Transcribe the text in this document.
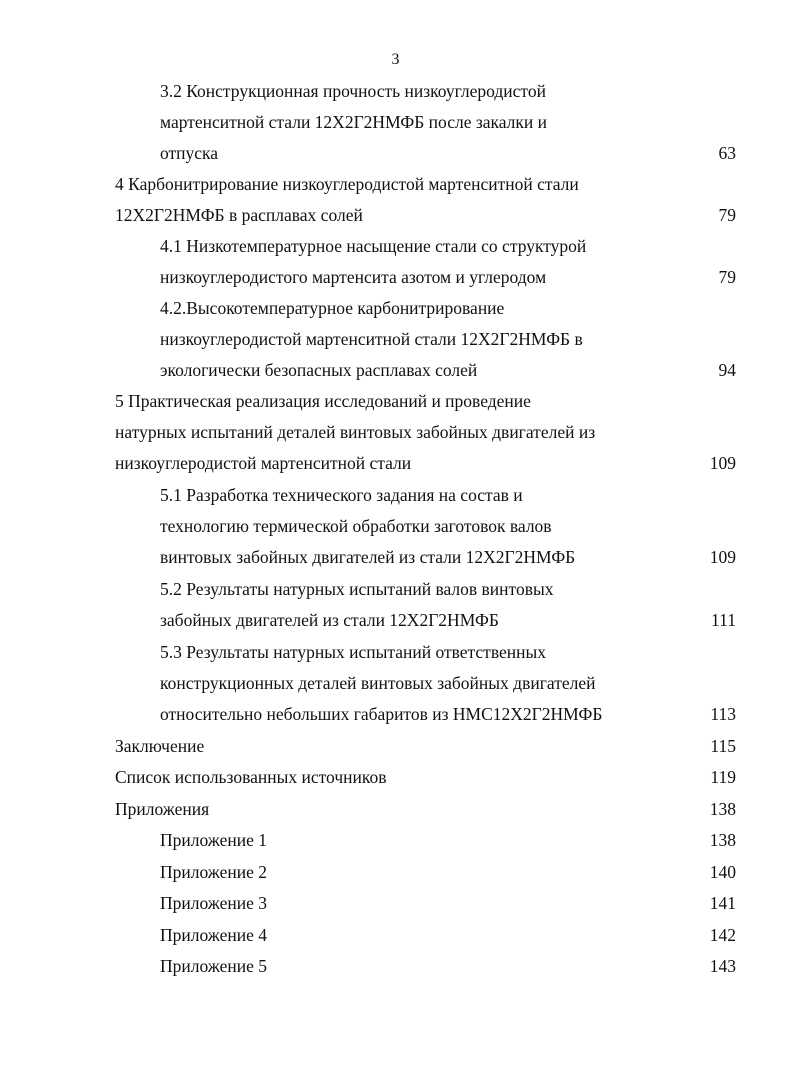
3
3.2 Конструкционная прочность низкоуглеродистой
мартенситной стали 12Х2Г2НМФБ после закалки и
отпуска	63
4 Карбонитрирование низкоуглеродистой мартенситной стали
12Х2Г2НМФБ в расплавах солей	79
4.1 Низкотемпературное насыщение стали со структурой
низкоуглеродистого мартенсита азотом и углеродом	79
4.2.Высокотемпературное карбонитрирование
низкоуглеродистой мартенситной стали 12Х2Г2НМФБ в
экологически безопасных расплавах солей	94
5 Практическая реализация исследований и проведение
натурных испытаний деталей винтовых забойных двигателей из
низкоуглеродистой мартенситной стали	109
5.1 Разработка технического задания на состав и
технологию термической обработки заготовок валов
винтовых забойных двигателей из стали 12Х2Г2НМФБ	109
5.2 Результаты натурных испытаний валов винтовых
забойных двигателей из стали 12Х2Г2НМФБ	111
5.3 Результаты натурных испытаний ответственных
конструкционных деталей винтовых забойных двигателей
относительно небольших габаритов из НМС12Х2Г2НМФБ	113
Заключение	115
Список использованных источников	119
Приложения	138
Приложение 1	138
Приложение 2	140
Приложение 3	141
Приложение 4	142
Приложение 5	143
